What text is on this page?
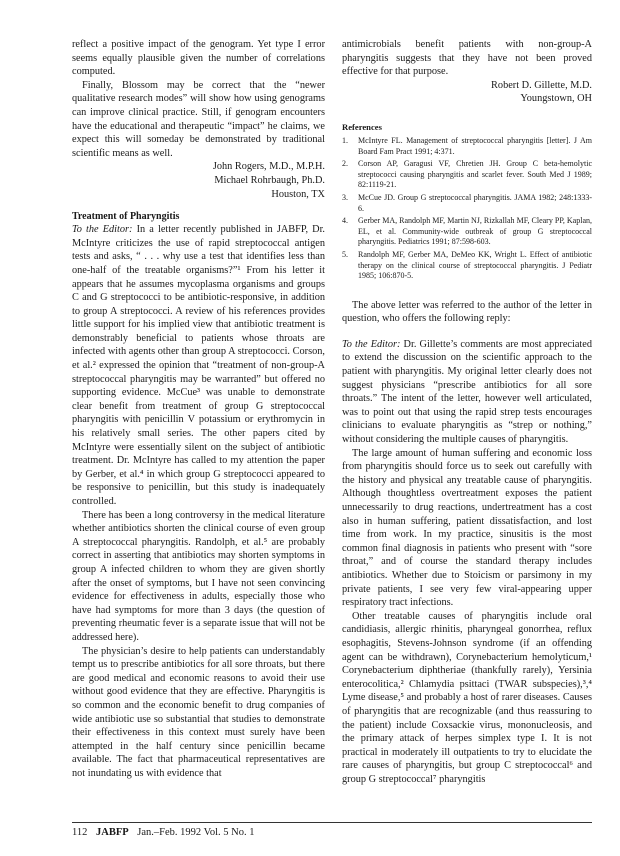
reflect a positive impact of the genogram. Yet type I error seems equally plausible given the number of correlations computed.

Finally, Blossom may be correct that the “newer qualitative research modes” will show how using genograms can improve clinical practice. Still, if genogram encounters have the educational and therapeutic “impact” he claims, we expect this will someday be demonstrated by traditional scientific means as well.

John Rogers, M.D., M.P.H.
Michael Rohrbaugh, Ph.D.
Houston, TX
Treatment of Pharyngitis

To the Editor: In a letter recently published in JABFP, Dr. McIntyre criticizes the use of rapid streptococcal antigen tests and asks, “ . . . why use a test that identifies less than one-half of the treatable organisms?”¹ From his letter it appears that he assumes mycoplasma organisms and groups C and G streptococci to be antibiotic-responsive, in addition to group A streptococci. A review of his references provides little support for his implied view that antibiotic treatment is demonstrably beneficial to patients whose throats are infected with agents other than group A streptococci. Corson, et al.² expressed the opinion that “treatment of non-group-A streptococcal pharyngitis may be warranted” but offered no supporting evidence. McCue³ was unable to demonstrate clear benefit from treatment of group G streptococcal pharyngitis with penicillin V potassium or erythromycin in his relatively small series. The other papers cited by McIntyre were essentially silent on the subject of antibiotic treatment. Dr. McIntyre has called to my attention the paper by Gerber, et al.⁴ in which group G streptococci appeared to be responsive to penicillin, but this study is inadequately controlled.

There has been a long controversy in the medical literature whether antibiotics shorten the clinical course of even group A streptococcal pharyngitis. Randolph, et al.⁵ are probably correct in asserting that antibiotics may shorten symptoms in group A infected children to whom they are given shortly after the onset of symptoms, but I have not seen convincing evidence for effectiveness in adults, especially those who have had symptoms for more than 3 days (the question of preventing rheumatic fever is a separate issue that will not be addressed here).

The physician’s desire to help patients can understandably tempt us to prescribe antibiotics for all sore throats, but there are good medical and economic reasons to avoid their use without good evidence that they are effective. Pharyngitis is so common and the economic benefit to drug companies of wide antibiotic use so substantial that studies to demonstrate their effectiveness in this context must surely have been attempted in the half century since penicillin became available. The fact that pharmaceutical representatives are not inundating us with evidence that

antimicrobials benefit patients with non-group-A pharyngitis suggests that they have not been proved effective for that purpose.

Robert D. Gillette, M.D.
Youngstown, OH
References
1. McIntyre FL. Management of streptococcal pharyngitis [letter]. J Am Board Fam Pract 1991; 4:371.
2. Corson AP, Garagusi VF, Chretien JH. Group C beta-hemolytic streptococci causing pharyngitis and scarlet fever. South Med J 1989; 82:1119-21.
3. McCue JD. Group G streptococcal pharyngitis. JAMA 1982; 248:1333-6.
4. Gerber MA, Randolph MF, Martin NJ, Rizkallah MF, Cleary PP, Kaplan, EL, et al. Community-wide outbreak of group G streptococcal pharyngitis. Pediatrics 1991; 87:598-603.
5. Randolph MF, Gerber MA, DeMeo KK, Wright L. Effect of antibiotic therapy on the clinical course of streptococcal pharyngitis. J Pediatr 1985; 106:870-5.

The above letter was referred to the author of the letter in question, who offers the following reply:

To the Editor: Dr. Gillette’s comments are most appreciated to extend the discussion on the scientific approach to the patient with pharyngitis. My original letter clearly does not suggest physicians “prescribe antibiotics for all sore throats.” The intent of the letter, however well articulated, was to point out that using the rapid strep tests encourages clinicians to evaluate pharyngitis as “strep or nothing,” without considering the multiple causes of pharyngitis.

The large amount of human suffering and economic loss from pharyngitis should force us to seek out carefully with the history and physical any treatable cause of pharyngitis. Although thoughtless overtreatment exposes the patient unnecessarily to drug reactions, undertreatment has a cost also in human suffering, patient dissatisfaction, and lost time from work. In my practice, sinusitis is the most common final diagnosis in patients who present with “sore throat,” and of course the standard therapy includes antibiotics. Whether due to Stoicism or parsimony in my private patients, I see very few viral-appearing upper respiratory tract infections.

Other treatable causes of pharyngitis include oral candidiasis, allergic rhinitis, pharyngeal gonorrhea, reflux esophagitis, Stevens-Johnson syndrome (if an offending agent can be withdrawn), Corynebacterium hemolyticum,¹ Corynebacterium diphtheriae (thankfully rarely), Yersinia enterocolitica,² Chlamydia psittaci (TWAR subspecies),³,⁴ Lyme disease,⁵ and probably a host of rarer diseases. Causes of pharyngitis that are recognizable (and thus reassuring to the patient) include Coxsackie virus, mononucleosis, and the primary attack of herpes simplex type I. It is not practical in moderately ill outpatients to try to elucidate the rare causes of pharyngitis, but group C streptococcal⁶ and group G streptococcal⁷ pharyngitis

112 JABFP Jan.–Feb. 1992 Vol. 5 No. 1
